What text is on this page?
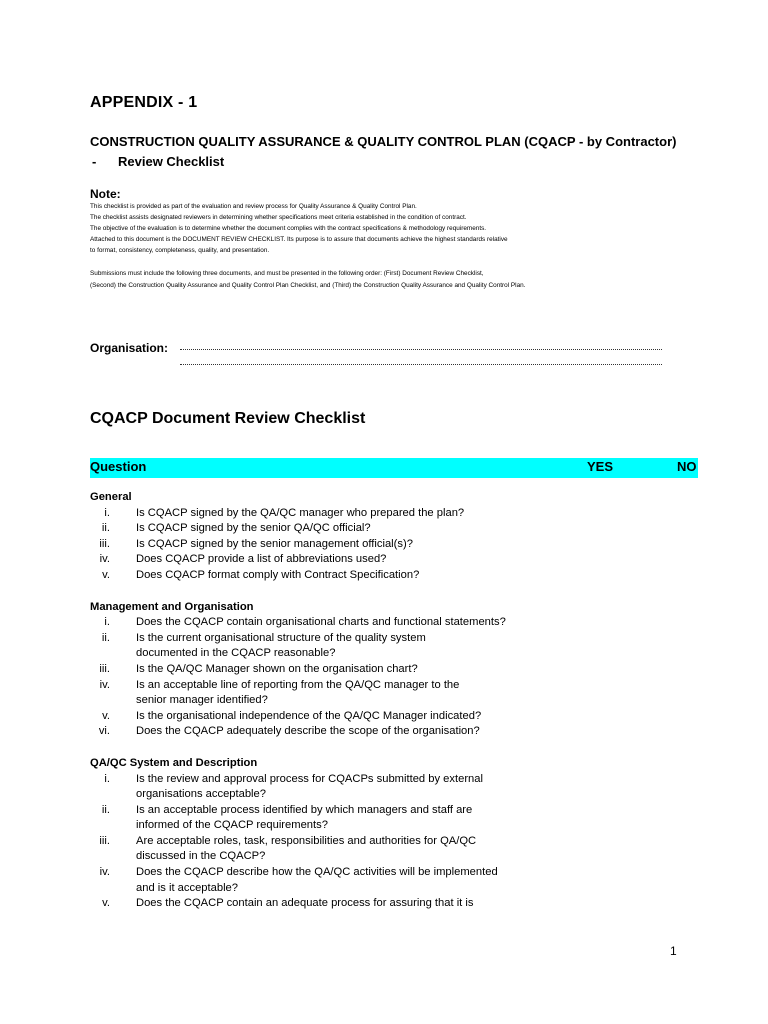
APPENDIX - 1
CONSTRUCTION QUALITY ASSURANCE & QUALITY CONTROL PLAN (CQACP - by Contractor)
- Review Checklist
Note:

This checklist is provided as part of the evaluation and review process for Quality Assurance & Quality Control Plan.

The checklist assists designated reviewers in determining whether specifications meet criteria established in the condition of contract.

The objective of the evaluation is to determine whether the document complies with the contract specifications & methodology requirements.

Attached to this document is the DOCUMENT REVIEW CHECKLIST. Its purpose is to assure that documents achieve the highest standards relative

to format, consistency, completeness, quality, and presentation.

Submissions must include the following three documents, and must be presented in the following order: (First) Document Review Checklist,

(Second) the Construction Quality Assurance and Quality Control Plan Checklist, and (Third) the Construction Quality Assurance and Quality Control Plan.

Organisation:
CQACP Document Review Checklist
Question	YES	NO
General
i. Is CQACP signed by the QA/QC manager who prepared the plan?
ii. Is CQACP signed by the senior QA/QC official?
iii. Is CQACP signed by the senior management official(s)?
iv. Does CQACP provide a list of abbreviations used?
v. Does CQACP format comply with Contract Specification?
Management and Organisation
i. Does the CQACP contain organisational charts and functional statements?
ii. Is the current organisational structure of the quality system
documented in the CQACP reasonable?
iii. Is the QA/QC Manager shown on the organisation chart?
iv. Is an acceptable line of reporting from the QA/QC manager to the
senior manager identified?
v. Is the organisational independence of the QA/QC Manager indicated?
vi. Does the CQACP adequately describe the scope of the organisation?
QA/QC System and Description
i. Is the review and approval process for CQACPs submitted by external
organisations acceptable?
ii. Is an acceptable process identified by which managers and staff are
informed of the CQACP requirements?
iii. Are acceptable roles, task, responsibilities and authorities for QA/QC
discussed in the CQACP?
iv. Does the CQACP describe how the QA/QC activities will be implemented
and is it acceptable?
v. Does the CQACP contain an adequate process for assuring that it is
1
